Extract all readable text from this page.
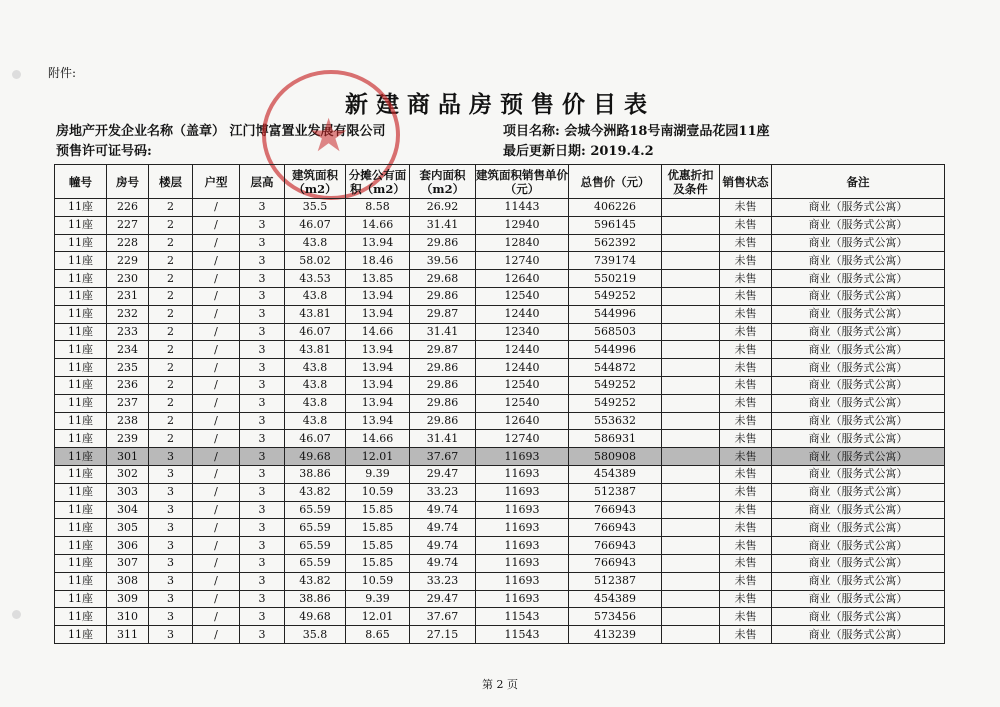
附件:
新建商品房预售价目表
房地产开发企业名称（盖章） 江门博富置业发展有限公司
预售许可证号码:
项目名称: 会城今洲路18号南湖壹品花园11座
最后更新日期: 2019.4.2
★
幢号	房号	楼层	户型	层高	建筑面积（m2）	分摊公有面积（m2）	套内面积（m2）	建筑面积销售单价（元）	总售价（元）	优惠折扣及条件	销售状态	备注
11座	226	2	/	3	35.5	8.58	26.92	11443	406226		未售	商业（服务式公寓）
11座	227	2	/	3	46.07	14.66	31.41	12940	596145		未售	商业（服务式公寓）
11座	228	2	/	3	43.8	13.94	29.86	12840	562392		未售	商业（服务式公寓）
11座	229	2	/	3	58.02	18.46	39.56	12740	739174		未售	商业（服务式公寓）
11座	230	2	/	3	43.53	13.85	29.68	12640	550219		未售	商业（服务式公寓）
11座	231	2	/	3	43.8	13.94	29.86	12540	549252		未售	商业（服务式公寓）
11座	232	2	/	3	43.81	13.94	29.87	12440	544996		未售	商业（服务式公寓）
11座	233	2	/	3	46.07	14.66	31.41	12340	568503		未售	商业（服务式公寓）
11座	234	2	/	3	43.81	13.94	29.87	12440	544996		未售	商业（服务式公寓）
11座	235	2	/	3	43.8	13.94	29.86	12440	544872		未售	商业（服务式公寓）
11座	236	2	/	3	43.8	13.94	29.86	12540	549252		未售	商业（服务式公寓）
11座	237	2	/	3	43.8	13.94	29.86	12540	549252		未售	商业（服务式公寓）
11座	238	2	/	3	43.8	13.94	29.86	12640	553632		未售	商业（服务式公寓）
11座	239	2	/	3	46.07	14.66	31.41	12740	586931		未售	商业（服务式公寓）
11座	301	3	/	3	49.68	12.01	37.67	11693	580908		未售	商业（服务式公寓）
11座	302	3	/	3	38.86	9.39	29.47	11693	454389		未售	商业（服务式公寓）
11座	303	3	/	3	43.82	10.59	33.23	11693	512387		未售	商业（服务式公寓）
11座	304	3	/	3	65.59	15.85	49.74	11693	766943		未售	商业（服务式公寓）
11座	305	3	/	3	65.59	15.85	49.74	11693	766943		未售	商业（服务式公寓）
11座	306	3	/	3	65.59	15.85	49.74	11693	766943		未售	商业（服务式公寓）
11座	307	3	/	3	65.59	15.85	49.74	11693	766943		未售	商业（服务式公寓）
11座	308	3	/	3	43.82	10.59	33.23	11693	512387		未售	商业（服务式公寓）
11座	309	3	/	3	38.86	9.39	29.47	11693	454389		未售	商业（服务式公寓）
11座	310	3	/	3	49.68	12.01	37.67	11543	573456		未售	商业（服务式公寓）
11座	311	3	/	3	35.8	8.65	27.15	11543	413239		未售	商业（服务式公寓）
第 2 页
